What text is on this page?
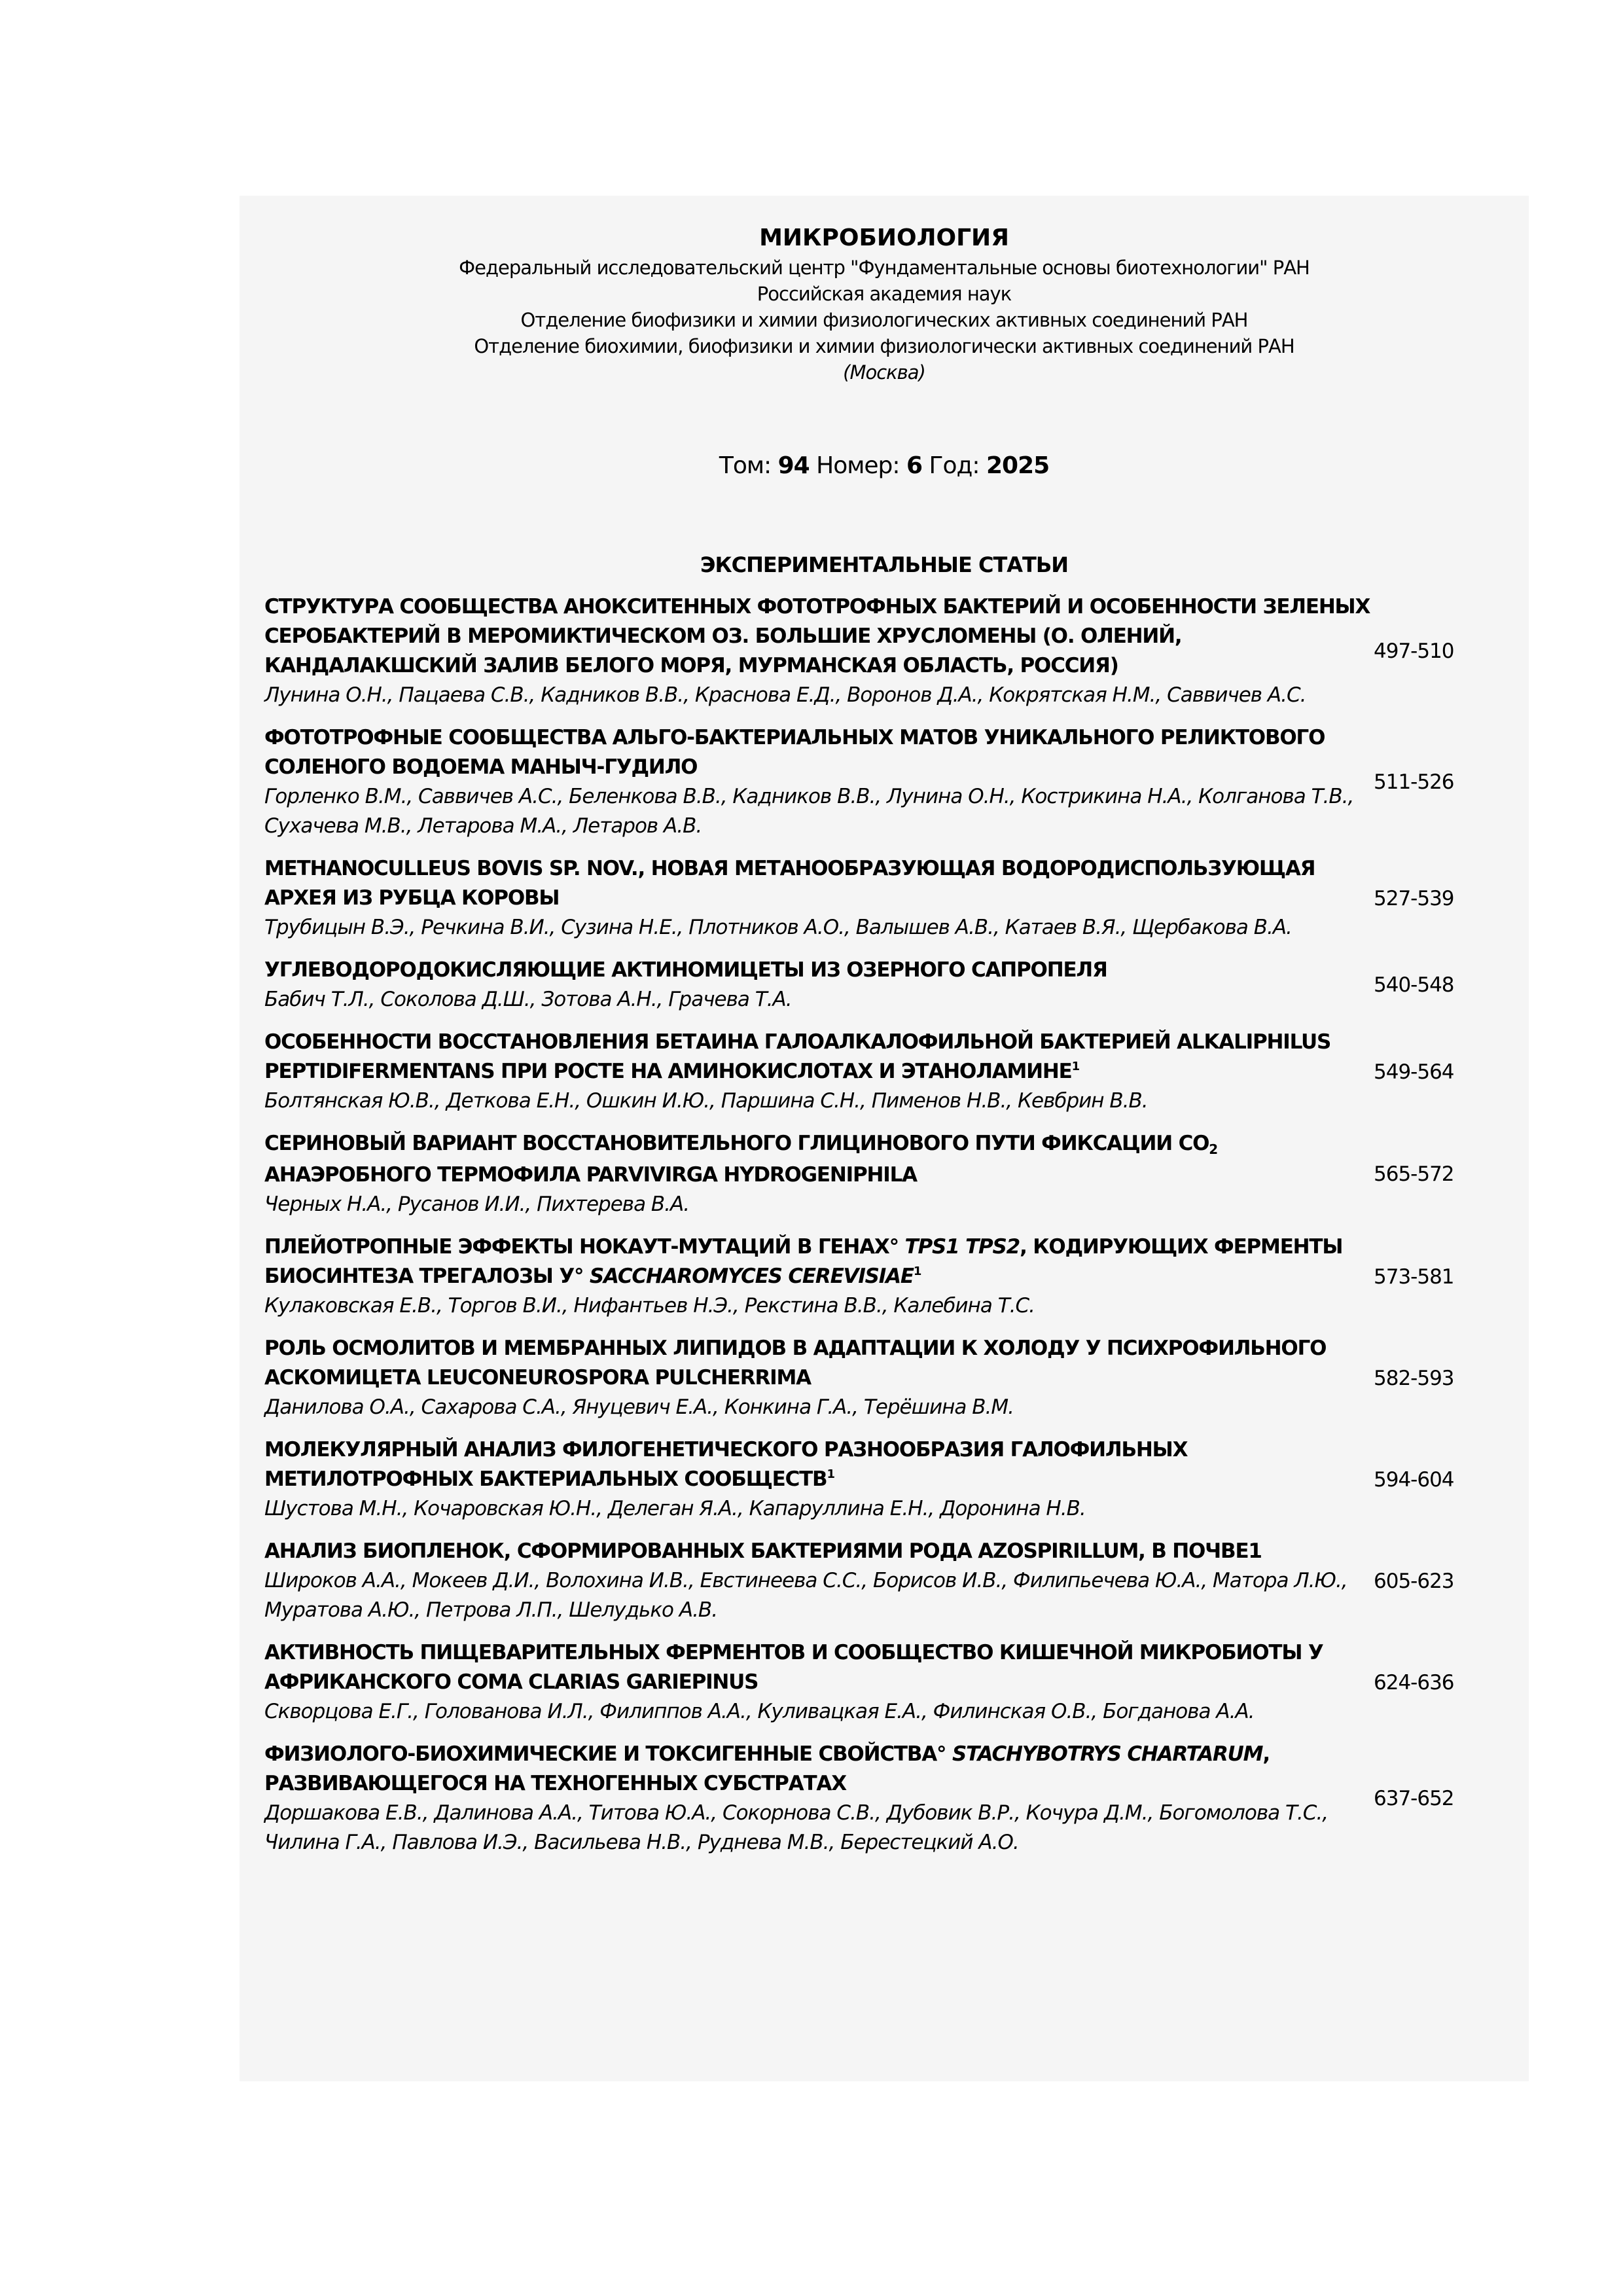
МИКРОБИОЛОГИЯ
Федеральный исследовательский центр "Фундаментальные основы биотехнологии" РАН
Российская академия наук
Отделение биофизики и химии физиологических активных соединений РАН
Отделение биохимии, биофизики и химии физиологически активных соединений РАН
(Москва)
Том: 94 Номер: 6 Год: 2025
ЭКСПЕРИМЕНТАЛЬНЫЕ СТАТЬИ
СТРУКТУРА СООБЩЕСТВА АНОКСИТЕННЫХ ФОТОТРОФНЫХ БАКТЕРИЙ И ОСОБЕННОСТИ ЗЕЛЕНЫХ СЕРОБАКТЕРИЙ В МЕРОМИКТИЧЕСКОМ ОЗ. БОЛЬШИЕ ХРУСЛОМЕНЫ (О. ОЛЕНИЙ, КАНДАЛАКШСКИЙ ЗАЛИВ БЕЛОГО МОРЯ, МУРМАНСКАЯ ОБЛАСТЬ, РОССИЯ)
Лунина О.Н., Пацаева С.В., Кадников В.В., Краснова Е.Д., Воронов Д.А., Кокрятская Н.М., Саввичев А.С.
497-510
ФОТОТРОФНЫЕ СООБЩЕСТВА АЛЬГО-БАКТЕРИАЛЬНЫХ МАТОВ УНИКАЛЬНОГО РЕЛИКТОВОГО СОЛЕНОГО ВОДОЕМА МАНЫЧ-ГУДИЛО
Горленко В.М., Саввичев А.С., Беленкова В.В., Кадников В.В., Лунина О.Н., Кострикина Н.А., Колганова Т.В., Сухачева М.В., Летарова М.А., Летаров А.В.
511-526
METHANOCULLEUS BOVIS SP. NOV., НОВАЯ МЕТАНООБРАЗУЮЩАЯ ВОДОРОДИСПОЛЬЗУЮЩАЯ АРХЕЯ ИЗ РУБЦА КОРОВЫ
Трубицын В.Э., Речкина В.И., Сузина Н.Е., Плотников А.О., Валышев А.В., Катаев В.Я., Щербакова В.А.
527-539
УГЛЕВОДОРОДОКИСЛЯЮЩИЕ АКТИНОМИЦЕТЫ ИЗ ОЗЕРНОГО САПРОПЕЛЯ
Бабич Т.Л., Соколова Д.Ш., Зотова А.Н., Грачева Т.А.
540-548
ОСОБЕННОСТИ ВОССТАНОВЛЕНИЯ БЕТАИНА ГАЛОАЛКАЛОФИЛЬНОЙ БАКТЕРИЕЙ ALKALIPHILUS PEPTIDIFERMENTANS ПРИ РОСТЕ НА АМИНОКИСЛОТАХ И ЭТАНОЛАМИНЕ$^1$
Болтянская Ю.В., Деткова Е.Н., Ошкин И.Ю., Паршина С.Н., Пименов Н.В., Кевбрин В.В.
549-564
СЕРИНОВЫЙ ВАРИАНТ ВОССТАНОВИТЕЛЬНОГО ГЛИЦИНОВОГО ПУТИ ФИКСАЦИИ $CO_2$     АНАЭРОБНОГО ТЕРМОФИЛА PARVIVIRGA HYDROGENIPHILA
Черных Н.А., Русанов И.И., Пихтерева В.А.
565-572
ПЛЕЙОТРОПНЫЕ ЭФФЕКТЫ НОКАУТ-МУТАЦИЙ В ГЕНАХ° TPS1 TPS2, КОДИРУЮЩИХ ФЕРМЕНТЫ БИОСИНТЕЗА ТРЕГАЛОЗЫ У° SACCHAROMYCES CEREVISIAE$^1$
Кулаковская Е.В., Торгов В.И., Нифантьев Н.Э., Рекстина В.В., Калебина Т.С.
573-581
РОЛЬ ОСМОЛИТОВ И МЕМБРАННЫХ ЛИПИДОВ В АДАПТАЦИИ К ХОЛОДУ У ПСИХРОФИЛЬНОГО АСКОМИЦЕТА LEUCONEUROSPORA PULCHERRIMA
Данилова О.А., Сахарова С.А., Януцевич Е.А., Конкина Г.А., Терёшина В.М.
582-593
МОЛЕКУЛЯРНЫЙ АНАЛИЗ ФИЛОГЕНЕТИЧЕСКОГО РАЗНООБРАЗИЯ ГАЛОФИЛЬНЫХ МЕТИЛОТРОФНЫХ БАКТЕРИАЛЬНЫХ СООБЩЕСТВ$^1$
Шустова М.Н., Кочаровская Ю.Н., Делеган Я.А., Капаруллина Е.Н., Доронина Н.В.
594-604
АНАЛИЗ БИОПЛЕНОК, СФОРМИРОВАННЫХ БАКТЕРИЯМИ РОДА AZOSPIRILLUM, В ПОЧВЕ1
Широков А.А., Мокеев Д.И., Волохина И.В., Евстинеева С.С., Борисов И.В., Филипьечева Ю.А., Матора Л.Ю., Муратова А.Ю., Петрова Л.П., Шелудько А.В.
605-623
АКТИВНОСТЬ ПИЩЕВАРИТЕЛЬНЫХ ФЕРМЕНТОВ И СООБЩЕСТВО КИШЕЧНОЙ МИКРОБИОТЫ У АФРИКАНСКОГО СОМА CLARIAS GARIEPINUS
Скворцова Е.Г., Голованова И.Л., Филиппов А.А., Куливацкая Е.А., Филинская О.В., Богданова А.А.
624-636
ФИЗИОЛОГО-БИОХИМИЧЕСКИЕ И ТОКСИГЕННЫЕ СВОЙСТВА° STACHYBOTRYS CHARTARUM, РАЗВИВАЮЩЕГОСЯ НА ТЕХНОГЕННЫХ СУБСТРАТАХ
Доршакова Е.В., Далинова А.А., Титова Ю.А., Сокорнова С.В., Дубовик В.Р., Кочура Д.М., Богомолова Т.С., Чилина Г.А., Павлова И.Э., Васильева Н.В., Руднева М.В., Берестецкий А.О.
637-652
